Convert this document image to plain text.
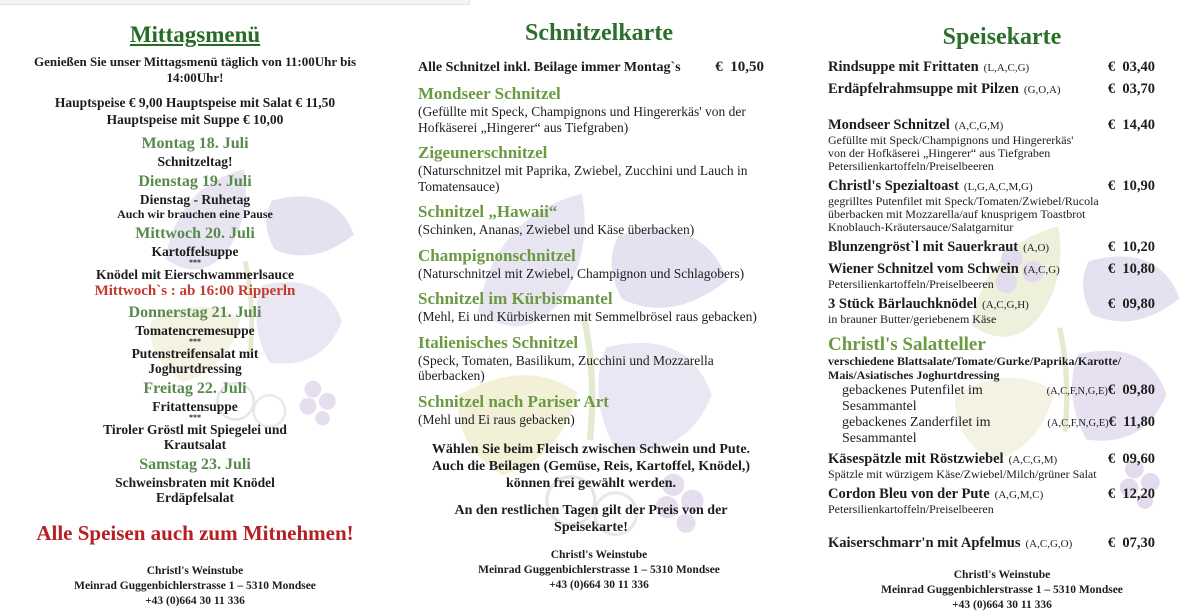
Mittagsmenü

Genießen Sie unser Mittagsmenü täglich von 11:00Uhr bis 14:00Uhr!

Hauptspeise € 9,00 Hauptspeise mit Salat € 11,50

Hauptspeise mit Suppe € 10,00

Montag 18. Juli
Schnitzeltag!
Dienstag 19. Juli
Dienstag - Ruhetag
Auch wir brauchen eine Pause
Mittwoch 20. Juli
Kartoffelsuppe
***
Knödel mit Eierschwammerlsauce
Mittwoch`s : ab 16:00 Ripperln
Donnerstag 21. Juli
Tomatencremesuppe
***
Putenstreifensalat mit
Joghurtdressing
Freitag 22. Juli
Fritattensuppe
***
Tiroler Gröstl mit Spiegelei und
Krautsalat
Samstag 23. Juli
Schweinsbraten mit Knödel
Erdäpfelsalat

Alle Speisen auch zum Mitnehmen!

Christl's Weinstube
Meinrad Guggenbichlerstrasse 1 – 5310 Mondsee
+43 (0)664 30 11 336
Schnitzelkarte
Alle Schnitzel inkl. Beilage immer Montag`s €  10,50
Mondseer Schnitzel

(Gefüllte mit Speck, Champignons und Hingererkäs' von der Hofkäserei „Hingerer“ aus Tiefgraben)

Zigeunerschnitzel

(Naturschnitzel mit Paprika, Zwiebel, Zucchini und Lauch in Tomatensauce)

Schnitzel „Hawaii“

(Schinken, Ananas, Zwiebel und Käse überbacken)

Champignonschnitzel

(Naturschnitzel mit Zwiebel, Champignon und Schlagobers)

Schnitzel im Kürbismantel

(Mehl, Ei und Kürbiskernen mit Semmelbrösel raus gebacken)

Italienisches Schnitzel

(Speck, Tomaten, Basilikum, Zucchini und Mozzarella überbacken)

Schnitzel nach Pariser Art

(Mehl und Ei raus gebacken)

Wählen Sie beim Fleisch zwischen Schwein und Pute.
Auch die Beilagen (Gemüse, Reis, Kartoffel, Knödel,)
können frei gewählt werden.
An den restlichen Tagen gilt der Preis von der Speisekarte!
Christl's Weinstube
Meinrad Guggenbichlerstrasse 1 – 5310 Mondsee
+43 (0)664 30 11 336
Speisekarte
Rindsuppe mit Frittaten (L,A,C,G)	€  03,40
Erdäpfelrahmsuppe mit Pilzen (G,O,A)	€  03,70
Mondseer Schnitzel (A,C,G,M)	€  14,40
Gefüllte mit Speck/Champignons und Hingererkäs'
von der Hofkäserei „Hingerer“ aus Tiefgraben
Petersilienkartoffeln/Preiselbeeren
Christl's Spezialtoast (L,G,A,C,M,G)	€  10,90
gegrilltes Putenfilet mit Speck/Tomaten/Zwiebel/Rucola
überbacken mit Mozzarella/auf knusprigem Toastbrot
Knoblauch-Kräutersauce/Salatgarnitur
Blunzengröst`l mit Sauerkraut (A,O)	€  10,20
Wiener Schnitzel vom Schwein (A,C,G)	€  10,80
Petersilienkartoffeln/Preiselbeeren
3 Stück Bärlauchknödel (A,C,G,H)	€  09,80
in brauner Butter/geriebenem Käse
Christl's Salatteller
verschiedene Blattsalate/Tomate/Gurke/Paprika/Karotte/
Mais/Asiatisches Joghurtdressing
gebackenes Putenfilet im Sesammantel
(A,C,F,N,G,E) €  09,80
gebackenes Zanderfilet im Sesammantel
(A,C,F,N,G,E) €  11,80
Käsespätzle mit Röstzwiebel (A,C,G,M)	€  09,60
Spätzle mit würzigem Käse/Zwiebel/Milch/grüner Salat
Cordon Bleu von der Pute (A,G,M,C)	€  12,20
Petersilienkartoffeln/Preiselbeeren
Kaiserschmarr'n mit Apfelmus (A,C,G,O) €  07,30
Christl's Weinstube
Meinrad Guggenbichlerstrasse 1 – 5310 Mondsee
+43 (0)664 30 11 336
